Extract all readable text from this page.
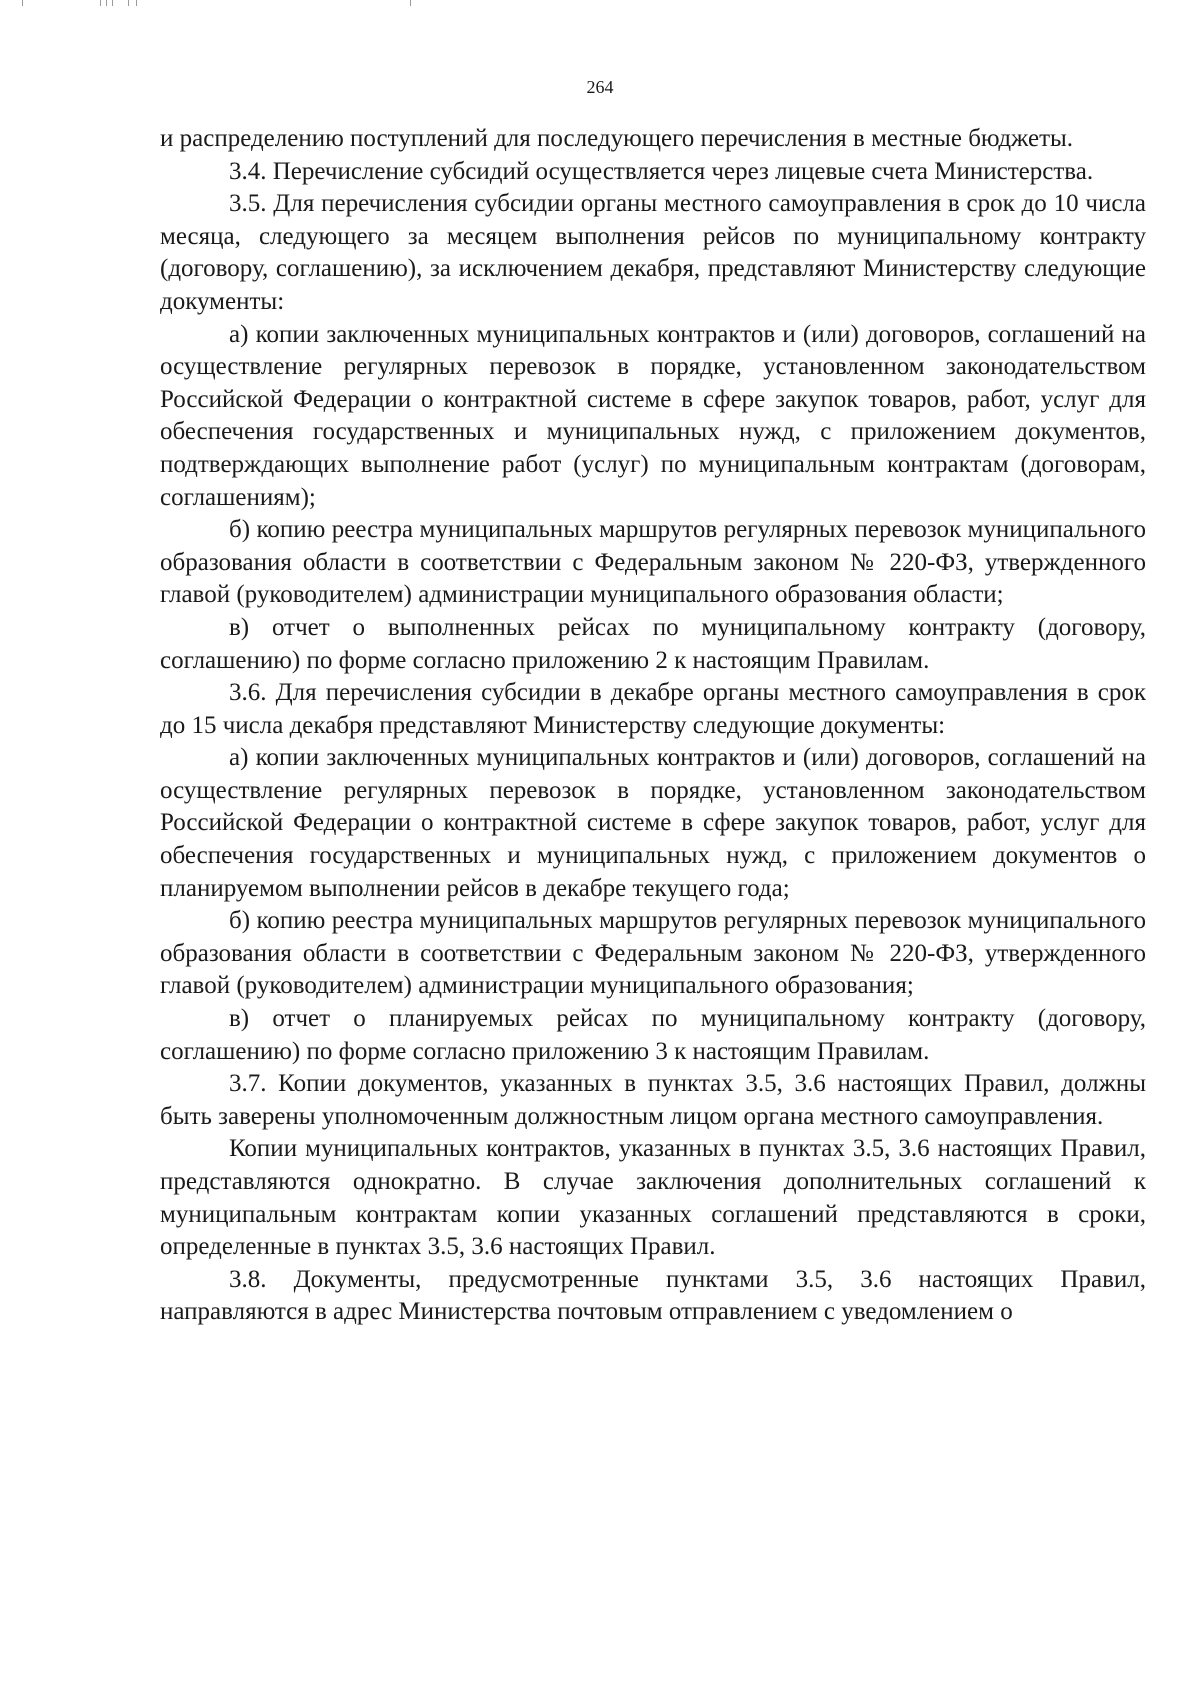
264

и распределению поступлений для последующего перечисления в местные бюджеты.

3.4. Перечисление субсидий осуществляется через лицевые счета Министерства.

3.5. Для перечисления субсидии органы местного самоуправления в срок до 10 числа месяца, следующего за месяцем выполнения рейсов по муниципальному контракту (договору, соглашению), за исключением декабря, представляют Министерству следующие документы:

а) копии заключенных муниципальных контрактов и (или) договоров, соглашений на осуществление регулярных перевозок в порядке, установленном законодательством Российской Федерации о контрактной системе в сфере закупок товаров, работ, услуг для обеспечения государственных и муниципальных нужд, с приложением документов, подтверждающих выполнение работ (услуг) по муниципальным контрактам (договорам, соглашениям);

б) копию реестра муниципальных маршрутов регулярных перевозок муниципального образования области в соответствии с Федеральным законом № 220-ФЗ, утвержденного главой (руководителем) администрации муниципального образования области;

в) отчет о выполненных рейсах по муниципальному контракту (договору, соглашению) по форме согласно приложению 2 к настоящим Правилам.

3.6. Для перечисления субсидии в декабре органы местного самоуправления в срок до 15 числа декабря представляют Министерству следующие документы:

а) копии заключенных муниципальных контрактов и (или) договоров, соглашений на осуществление регулярных перевозок в порядке, установленном законодательством Российской Федерации о контрактной системе в сфере закупок товаров, работ, услуг для обеспечения государственных и муниципальных нужд, с приложением документов о планируемом выполнении рейсов в декабре текущего года;

б) копию реестра муниципальных маршрутов регулярных перевозок муниципального образования области в соответствии с Федеральным законом № 220-ФЗ, утвержденного главой (руководителем) администрации муниципального образования;

в) отчет о планируемых рейсах по муниципальному контракту (договору, соглашению) по форме согласно приложению 3 к настоящим Правилам.

3.7. Копии документов, указанных в пунктах 3.5, 3.6 настоящих Правил, должны быть заверены уполномоченным должностным лицом органа местного самоуправления.

Копии муниципальных контрактов, указанных в пунктах 3.5, 3.6 настоящих Правил, представляются однократно. В случае заключения дополнительных соглашений к муниципальным контрактам копии указанных соглашений представляются в сроки, определенные в пунктах 3.5, 3.6 настоящих Правил.

3.8. Документы, предусмотренные пунктами 3.5, 3.6 настоящих Правил, направляются в адрес Министерства почтовым отправлением с уведомлением о
